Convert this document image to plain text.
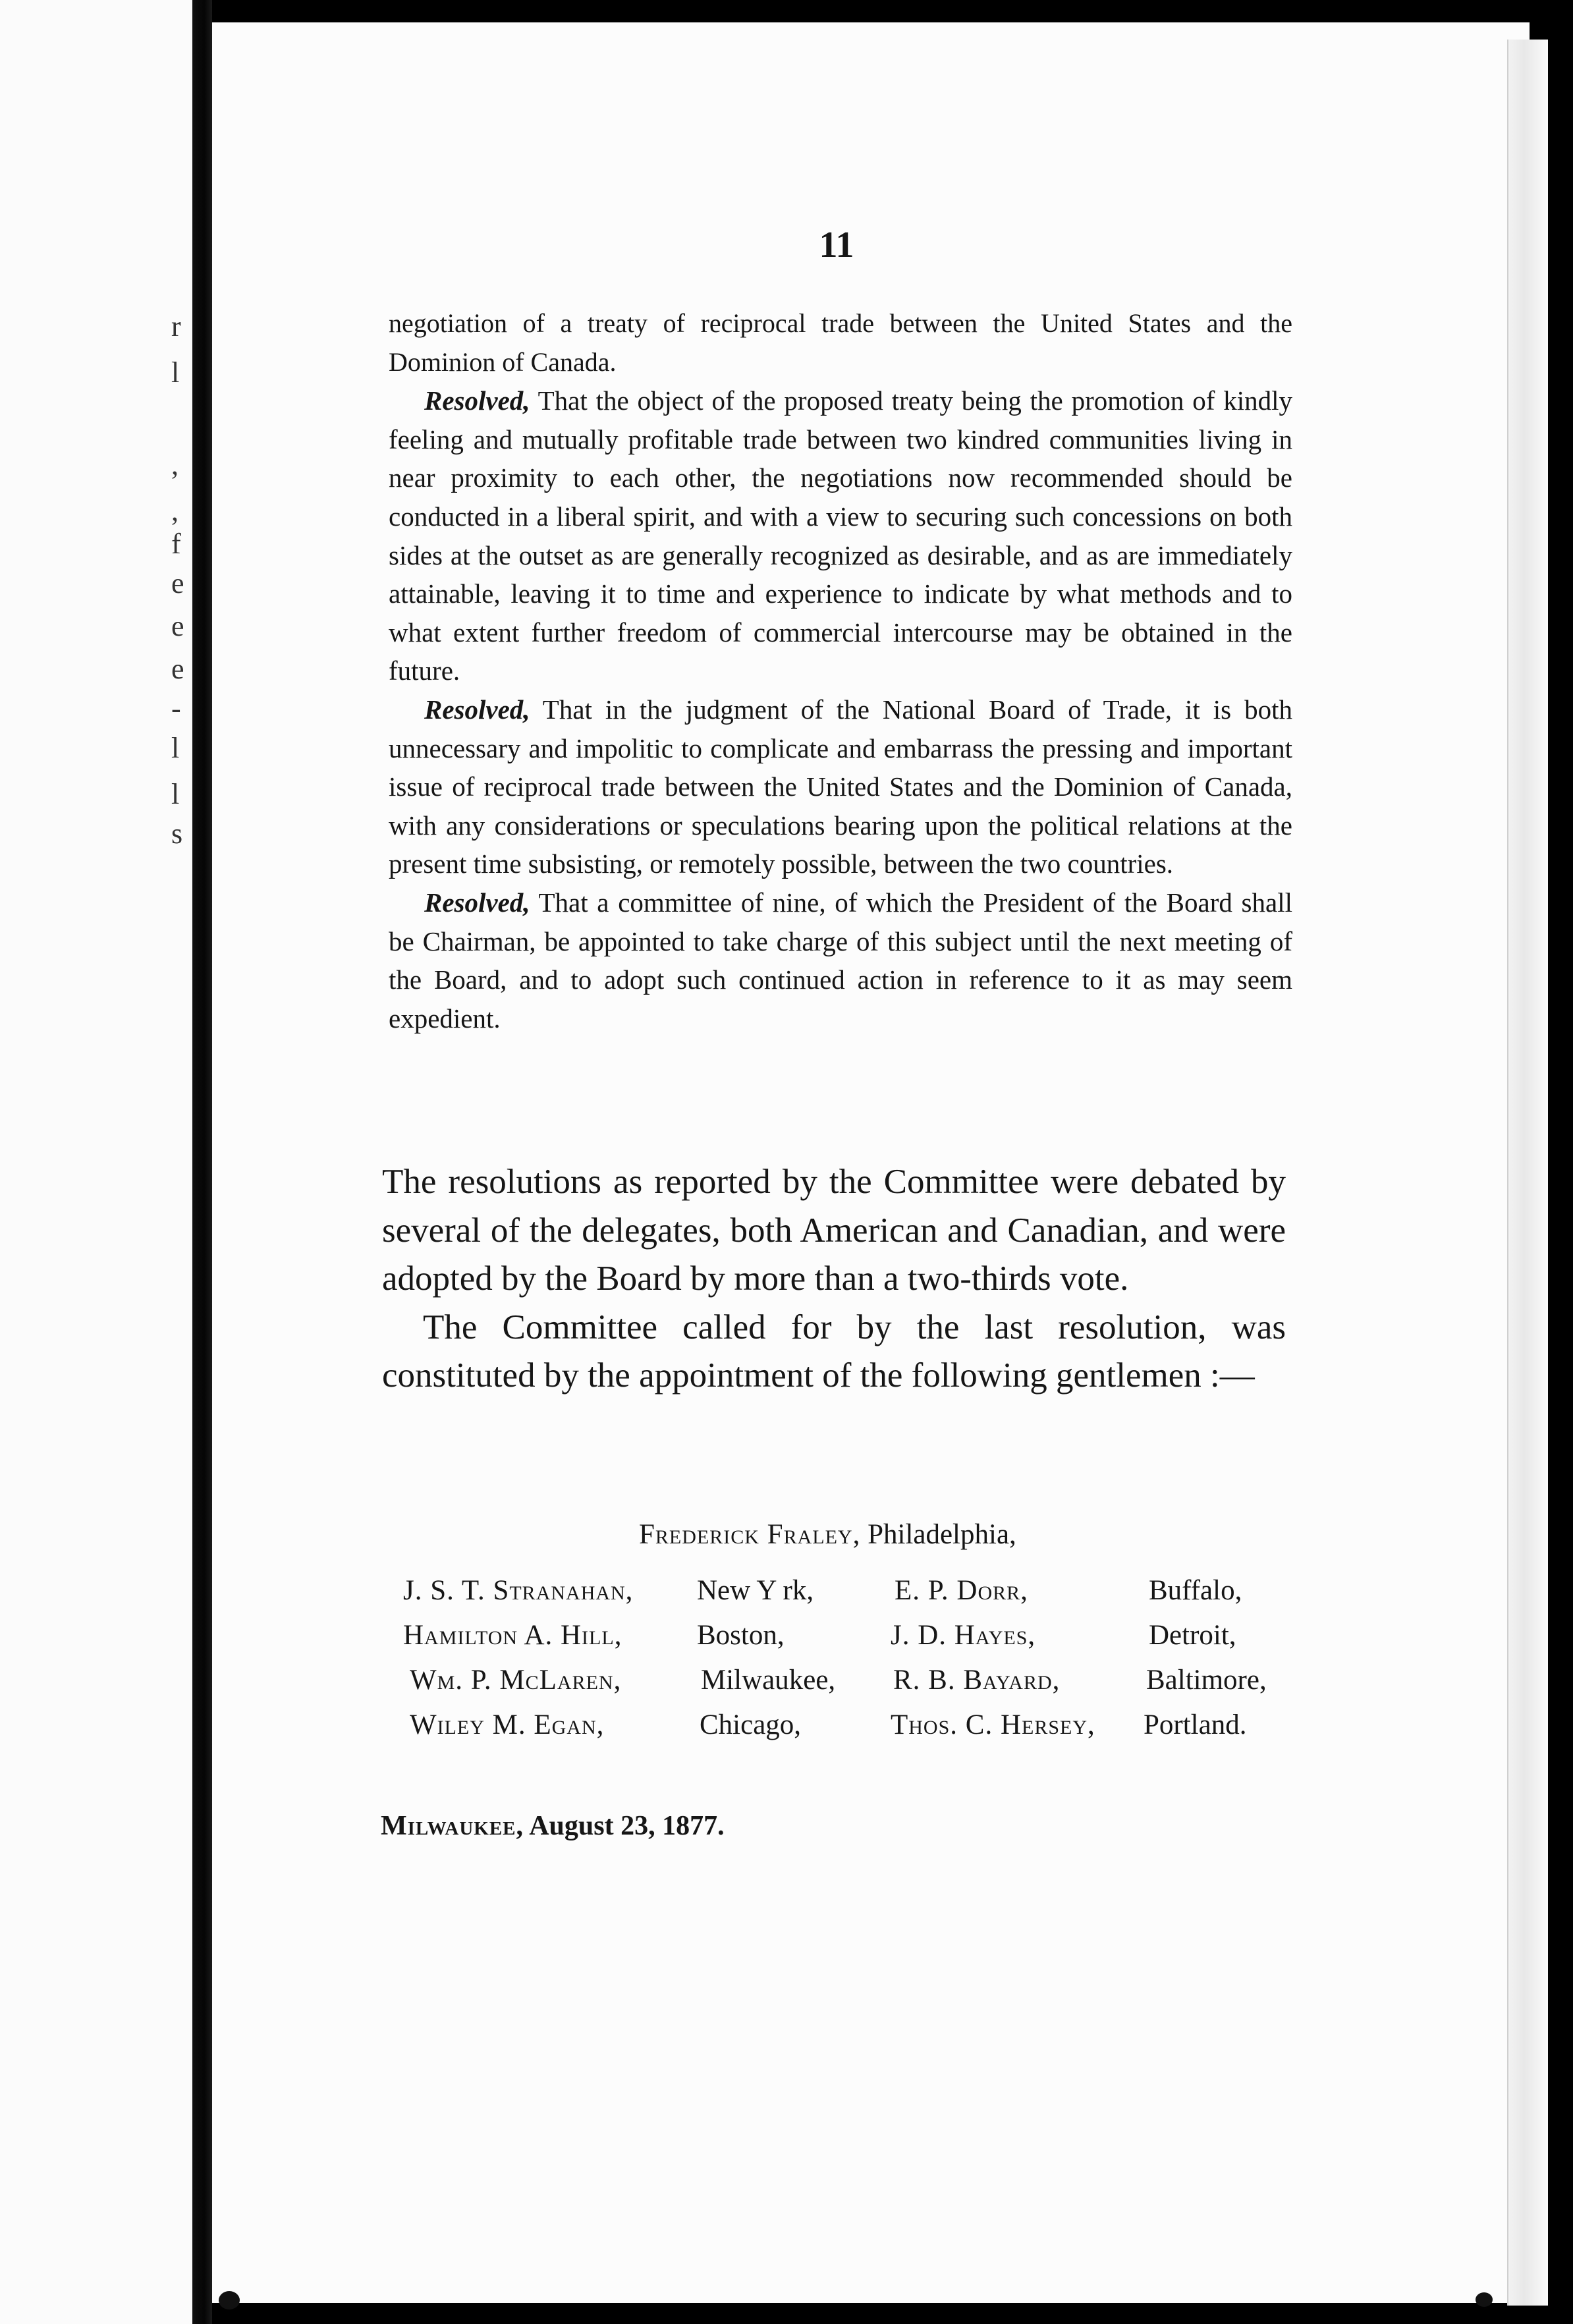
r
l
,
,
f
e
e
e
-
l
l
s
11

negotiation of a treaty of reciprocal trade between the United States and the Dominion of Canada.

Resolved, That the object of the proposed treaty being the promotion of kindly feeling and mutually profitable trade between two kindred communities living in near proximity to each other, the negotiations now recommended should be conducted in a liberal spirit, and with a view to securing such concessions on both sides at the outset as are generally recognized as desirable, and as are immediately attainable, leaving it to time and experience to indicate by what methods and to what extent further freedom of commercial intercourse may be obtained in the future.

Resolved, That in the judgment of the National Board of Trade, it is both unnecessary and impolitic to complicate and embarrass the pressing and important issue of reciprocal trade between the United States and the Dominion of Canada, with any considerations or speculations bearing upon the political relations at the present time subsisting, or remotely possible, between the two countries.

Resolved, That a committee of nine, of which the President of the Board shall be Chairman, be appointed to take charge of this subject until the next meeting of the Board, and to adopt such continued action in reference to it as may seem expedient.

The resolutions as reported by the Committee were debated by several of the delegates, both American and Canadian, and were adopted by the Board by more than a two-thirds vote.

The Committee called for by the last resolution, was constituted by the appointment of the following gentlemen :—

Frederick Fraley, Philadelphia,
J. S. T. Stranahan, New Y rk,	E. P. Dorr,	Buffalo,
Hamilton A. Hill,	Boston,	J. D. Hayes,	Detroit,
Wm. P. McLaren,	Milwaukee, R. B. Bayard,	Baltimore,
Wiley M. Egan,	Chicago,	Thos. C. Hersey, Portland.
Milwaukee, August 23, 1877.
